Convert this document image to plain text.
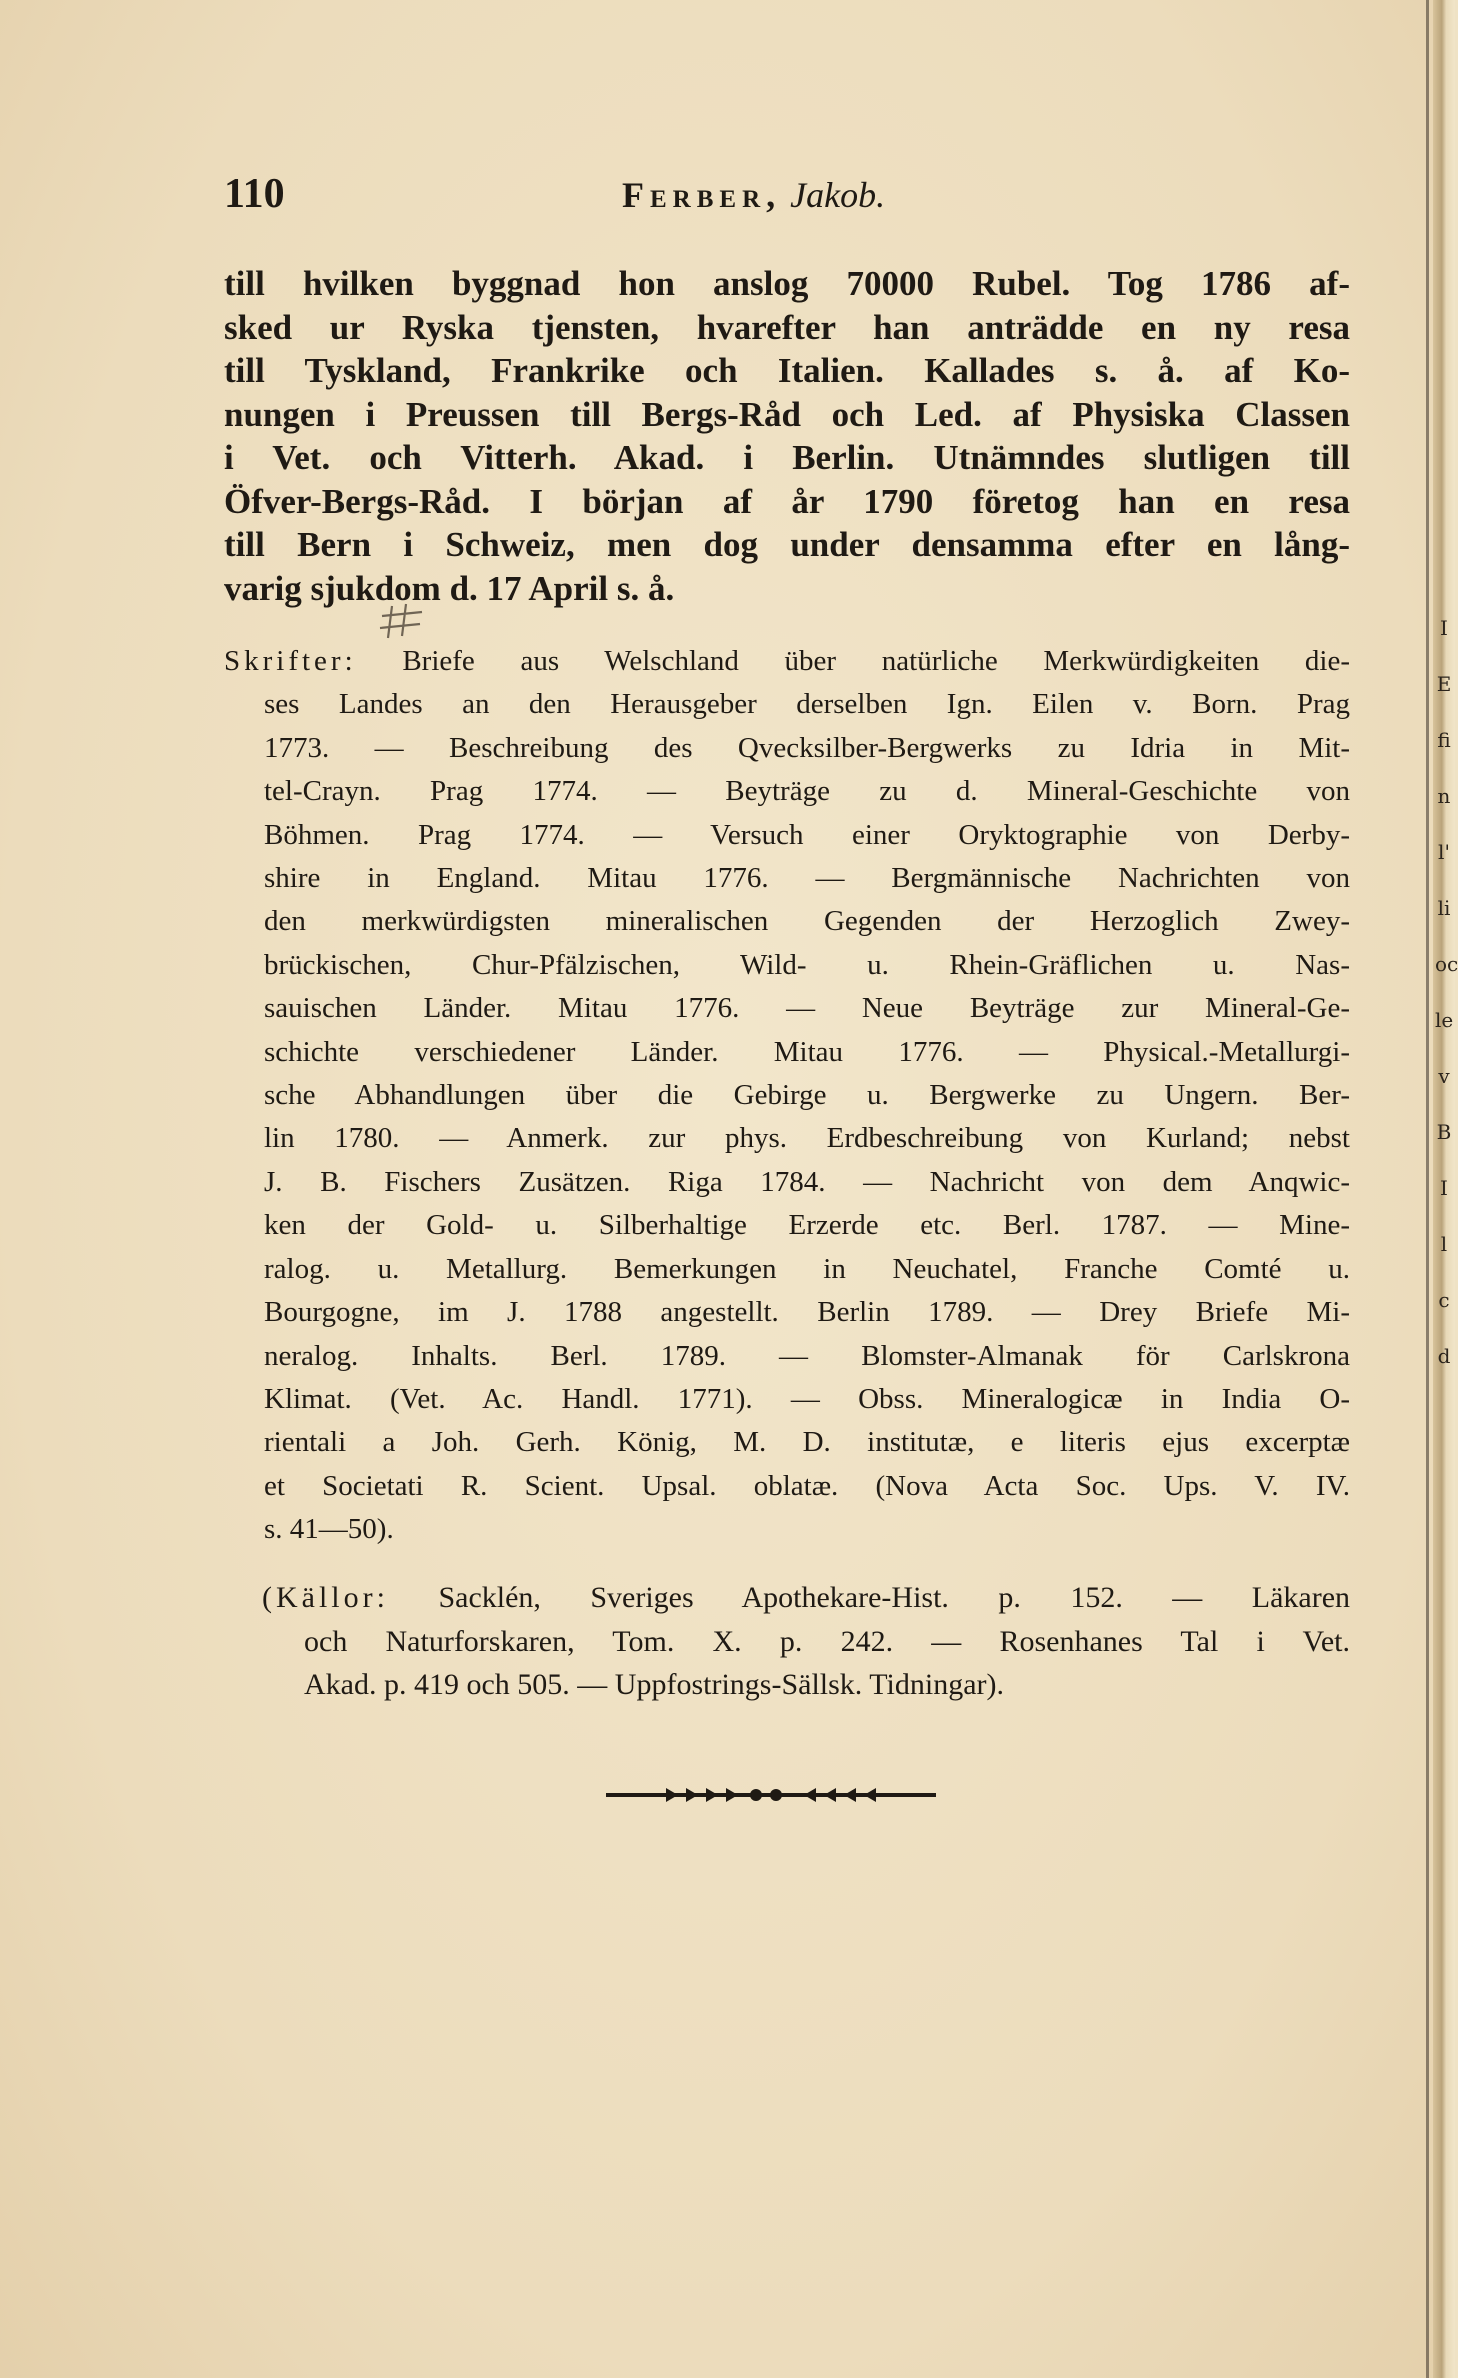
I
E
fi
n
l'
li
oc
le
v
B
I
l
c
d
110	Ferber, Jakob.
till hvilken byggnad hon anslog 70000 Rubel. Tog 1786 af-
sked ur Ryska tjensten, hvarefter han anträdde en ny resa
till Tyskland, Frankrike och Italien. Kallades s. å. af Ko-
nungen i Preussen till Bergs-Råd och Led. af Physiska Classen
i Vet. och Vitterh. Akad. i Berlin. Utnämndes slutligen till
Öfver-Bergs-Råd. I början af år 1790 företog han en resa
till Bern i Schweiz, men dog under densamma efter en lång-
varig sjukdom d. 17 April s. å.
Skrifter: Briefe aus Welschland über natürliche Merkwürdigkeiten die-
ses Landes an den Herausgeber derselben Ign. Eilen v. Born. Prag
1773. — Beschreibung des Qvecksilber-Bergwerks zu Idria in Mit-
tel-Crayn. Prag 1774. — Beyträge zu d. Mineral-Geschichte von
Böhmen. Prag 1774. — Versuch einer Oryktographie von Derby-
shire in England. Mitau 1776. — Bergmännische Nachrichten von
den merkwürdigsten mineralischen Gegenden der Herzoglich Zwey-
brückischen, Chur-Pfälzischen, Wild- u. Rhein-Gräflichen u. Nas-
sauischen Länder. Mitau 1776. — Neue Beyträge zur Mineral-Ge-
schichte verschiedener Länder. Mitau 1776. — Physical.-Metallurgi-
sche Abhandlungen über die Gebirge u. Bergwerke zu Ungern. Ber-
lin 1780. — Anmerk. zur phys. Erdbeschreibung von Kurland; nebst
J. B. Fischers Zusätzen. Riga 1784. — Nachricht von dem Anqwic-
ken der Gold- u. Silberhaltige Erzerde etc. Berl. 1787. — Mine-
ralog. u. Metallurg. Bemerkungen in Neuchatel, Franche Comté u.
Bourgogne, im J. 1788 angestellt. Berlin 1789. — Drey Briefe Mi-
neralog. Inhalts. Berl. 1789. — Blomster-Almanak för Carlskrona
Klimat. (Vet. Ac. Handl. 1771). — Obss. Mineralogicæ in India O-
rientali a Joh. Gerh. König, M. D. institutæ, e literis ejus excerptæ
et Societati R. Scient. Upsal. oblatæ. (Nova Acta Soc. Ups. V. IV.
s. 41—50).
(Källor: Sacklén, Sveriges Apothekare-Hist. p. 152. — Läkaren
och Naturforskaren, Tom. X. p. 242. — Rosenhanes Tal i Vet.
Akad. p. 419 och 505. — Uppfostrings-Sällsk. Tidningar).
